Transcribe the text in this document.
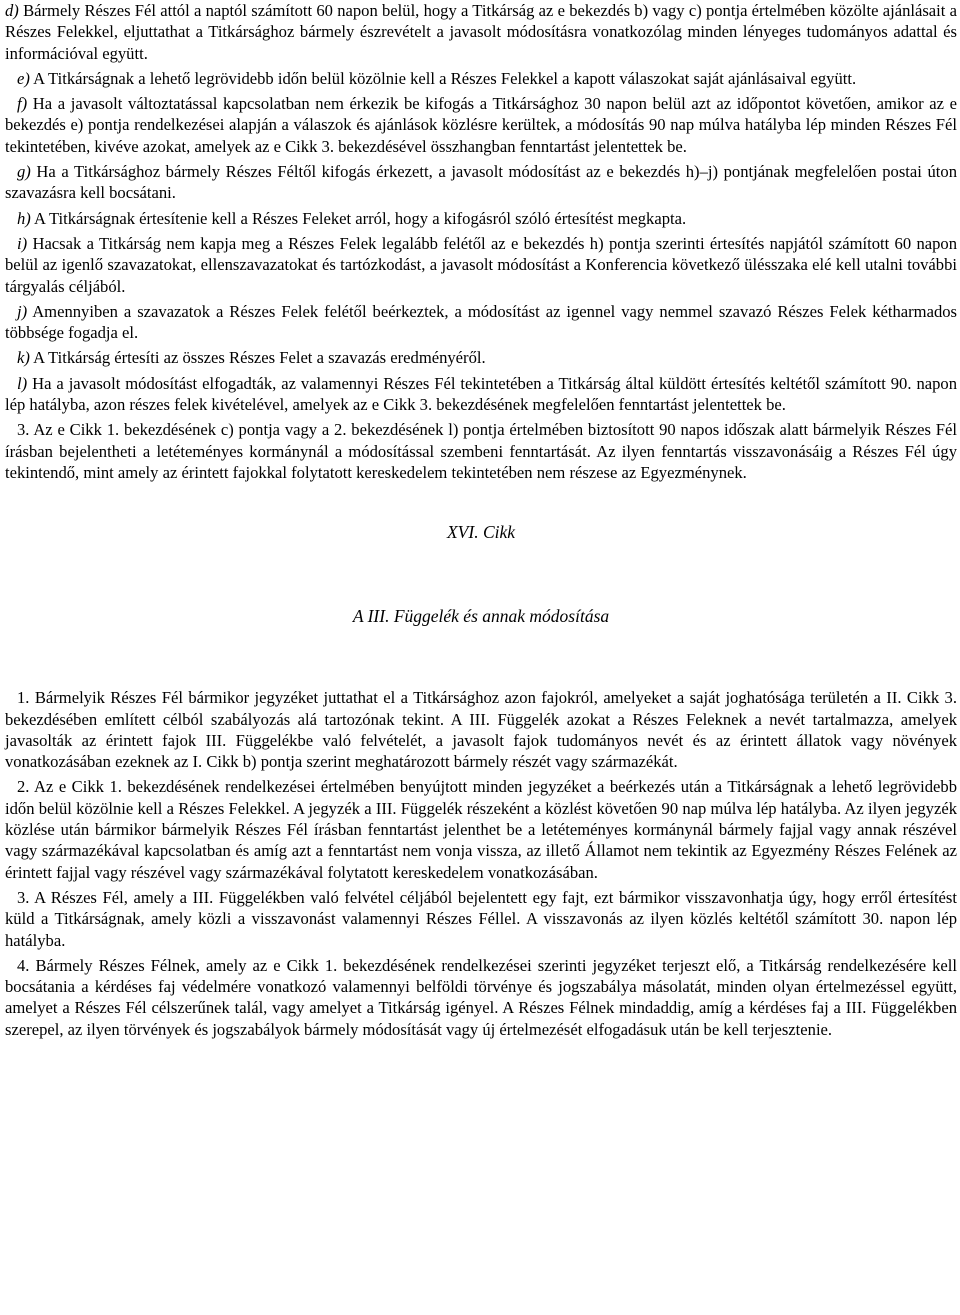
d) Bármely Részes Fél attól a naptól számított 60 napon belül, hogy a Titkárság az e bekezdés b) vagy c) pontja értelmében közölte ajánlásait a Részes Felekkel, eljuttathat a Titkársághoz bármely észrevételt a javasolt módosításra vonatkozólag minden lényeges tudományos adattal és információval együtt.

e) A Titkárságnak a lehető legrövidebb időn belül közölnie kell a Részes Felekkel a kapott válaszokat saját ajánlásaival együtt.

f) Ha a javasolt változtatással kapcsolatban nem érkezik be kifogás a Titkársághoz 30 napon belül azt az időpontot követően, amikor az e bekezdés e) pontja rendelkezései alapján a válaszok és ajánlások közlésre kerültek, a módosítás 90 nap múlva hatályba lép minden Részes Fél tekintetében, kivéve azokat, amelyek az e Cikk 3. bekezdésével összhangban fenntartást jelentettek be.

g) Ha a Titkársághoz bármely Részes Féltől kifogás érkezett, a javasolt módosítást az e bekezdés h)–j) pontjának megfelelően postai úton szavazásra kell bocsátani.

h) A Titkárságnak értesítenie kell a Részes Feleket arról, hogy a kifogásról szóló értesítést megkapta.

i) Hacsak a Titkárság nem kapja meg a Részes Felek legalább felétől az e bekezdés h) pontja szerinti értesítés napjától számított 60 napon belül az igenlő szavazatokat, ellenszavazatokat és tartózkodást, a javasolt módosítást a Konferencia következő ülésszaka elé kell utalni további tárgyalás céljából.

j) Amennyiben a szavazatok a Részes Felek felétől beérkeztek, a módosítást az igennel vagy nemmel szavazó Részes Felek kétharmados többsége fogadja el.

k) A Titkárság értesíti az összes Részes Felet a szavazás eredményéről.

l) Ha a javasolt módosítást elfogadták, az valamennyi Részes Fél tekintetében a Titkárság által küldött értesítés keltétől számított 90. napon lép hatályba, azon részes felek kivételével, amelyek az e Cikk 3. bekezdésének megfelelően fenntartást jelentettek be.

3. Az e Cikk 1. bekezdésének c) pontja vagy a 2. bekezdésének l) pontja értelmében biztosított 90 napos időszak alatt bármelyik Részes Fél írásban bejelentheti a letéteményes kormánynál a módosítással szembeni fenntartását. Az ilyen fenntartás visszavonásáig a Részes Fél úgy tekintendő, mint amely az érintett fajokkal folytatott kereskedelem tekintetében nem részese az Egyezménynek.

XVI. Cikk

A III. Függelék és annak módosítása

1. Bármelyik Részes Fél bármikor jegyzéket juttathat el a Titkársághoz azon fajokról, amelyeket a saját joghatósága területén a II. Cikk 3. bekezdésében említett célból szabályozás alá tartozónak tekint. A III. Függelék azokat a Részes Feleknek a nevét tartalmazza, amelyek javasolták az érintett fajok III. Függelékbe való felvételét, a javasolt fajok tudományos nevét és az érintett állatok vagy növények vonatkozásában ezeknek az I. Cikk b) pontja szerint meghatározott bármely részét vagy származékát.

2. Az e Cikk 1. bekezdésének rendelkezései értelmében benyújtott minden jegyzéket a beérkezés után a Titkárságnak a lehető legrövidebb időn belül közölnie kell a Részes Felekkel. A jegyzék a III. Függelék részeként a közlést követően 90 nap múlva lép hatályba. Az ilyen jegyzék közlése után bármikor bármelyik Részes Fél írásban fenntartást jelenthet be a letéteményes kormánynál bármely fajjal vagy annak részével vagy származékával kapcsolatban és amíg azt a fenntartást nem vonja vissza, az illető Államot nem tekintik az Egyezmény Részes Felének az érintett fajjal vagy részével vagy származékával folytatott kereskedelem vonatkozásában.

3. A Részes Fél, amely a III. Függelékben való felvétel céljából bejelentett egy fajt, ezt bármikor visszavonhatja úgy, hogy erről értesítést küld a Titkárságnak, amely közli a visszavonást valamennyi Részes Féllel. A visszavonás az ilyen közlés keltétől számított 30. napon lép hatályba.

4. Bármely Részes Félnek, amely az e Cikk 1. bekezdésének rendelkezései szerinti jegyzéket terjeszt elő, a Titkárság rendelkezésére kell bocsátania a kérdéses faj védelmére vonatkozó valamennyi belföldi törvénye és jogszabálya másolatát, minden olyan értelmezéssel együtt, amelyet a Részes Fél célszerűnek talál, vagy amelyet a Titkárság igényel. A Részes Félnek mindaddig, amíg a kérdéses faj a III. Függelékben szerepel, az ilyen törvények és jogszabályok bármely módosítását vagy új értelmezését elfogadásuk után be kell terjesztenie.
